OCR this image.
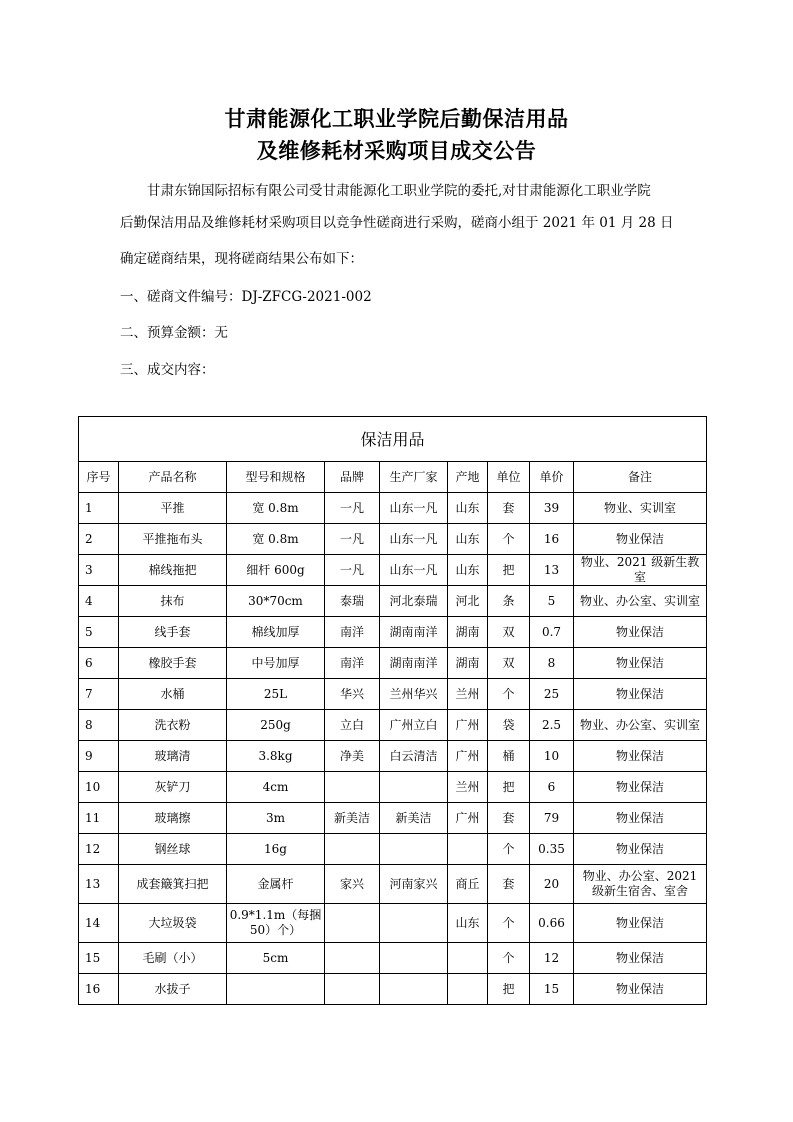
甘肃能源化工职业学院后勤保洁用品
及维修耗材采购项目成交公告
甘肃东锦国际招标有限公司受甘肃能源化工职业学院的委托,对甘肃能源化工职业学院
后勤保洁用品及维修耗材采购项目以竞争性磋商进行采购，磋商小组于 2021 年 01 月 28 日
确定磋商结果，现将磋商结果公布如下：
一、磋商文件编号：DJ-ZFCG-2021-002
二、预算金额：无
三、成交内容：
保洁用品								
序号	产品名称	型号和规格	品牌	生产厂家	产地	单位	单价	备注
1	平推	宽 0.8m	一凡	山东一凡	山东	套	39	物业、实训室
2	平推拖布头	宽 0.8m	一凡	山东一凡	山东	个	16	物业保洁
3	棉线拖把	细杆 600g	一凡	山东一凡	山东	把	13	物业、2021 级新生教室
4	抹布	30*70cm	泰瑞	河北泰瑞	河北	条	5	物业、办公室、实训室
5	线手套	棉线加厚	南洋	湖南南洋	湖南	双	0.7	物业保洁
6	橡胶手套	中号加厚	南洋	湖南南洋	湖南	双	8	物业保洁
7	水桶	25L	华兴	兰州华兴	兰州	个	25	物业保洁
8	洗衣粉	250g	立白	广州立白	广州	袋	2.5	物业、办公室、实训室
9	玻璃清	3.8kg	净美	白云清洁	广州	桶	10	物业保洁
10	灰铲刀	4cm			兰州	把	6	物业保洁
11	玻璃擦	3m	新美洁	新美洁	广州	套	79	物业保洁
12	钢丝球	16g				个	0.35	物业保洁
13	成套簸箕扫把	金属杆	家兴	河南家兴	商丘	套	20	物业、办公室、2021 级新生宿舍、室舍
14	大垃圾袋	0.9*1.1m（每捆 50）个）			山东	个	0.66	物业保洁
15	毛刷（小）	5cm				个	12	物业保洁
16	水拔子					把	15	物业保洁
